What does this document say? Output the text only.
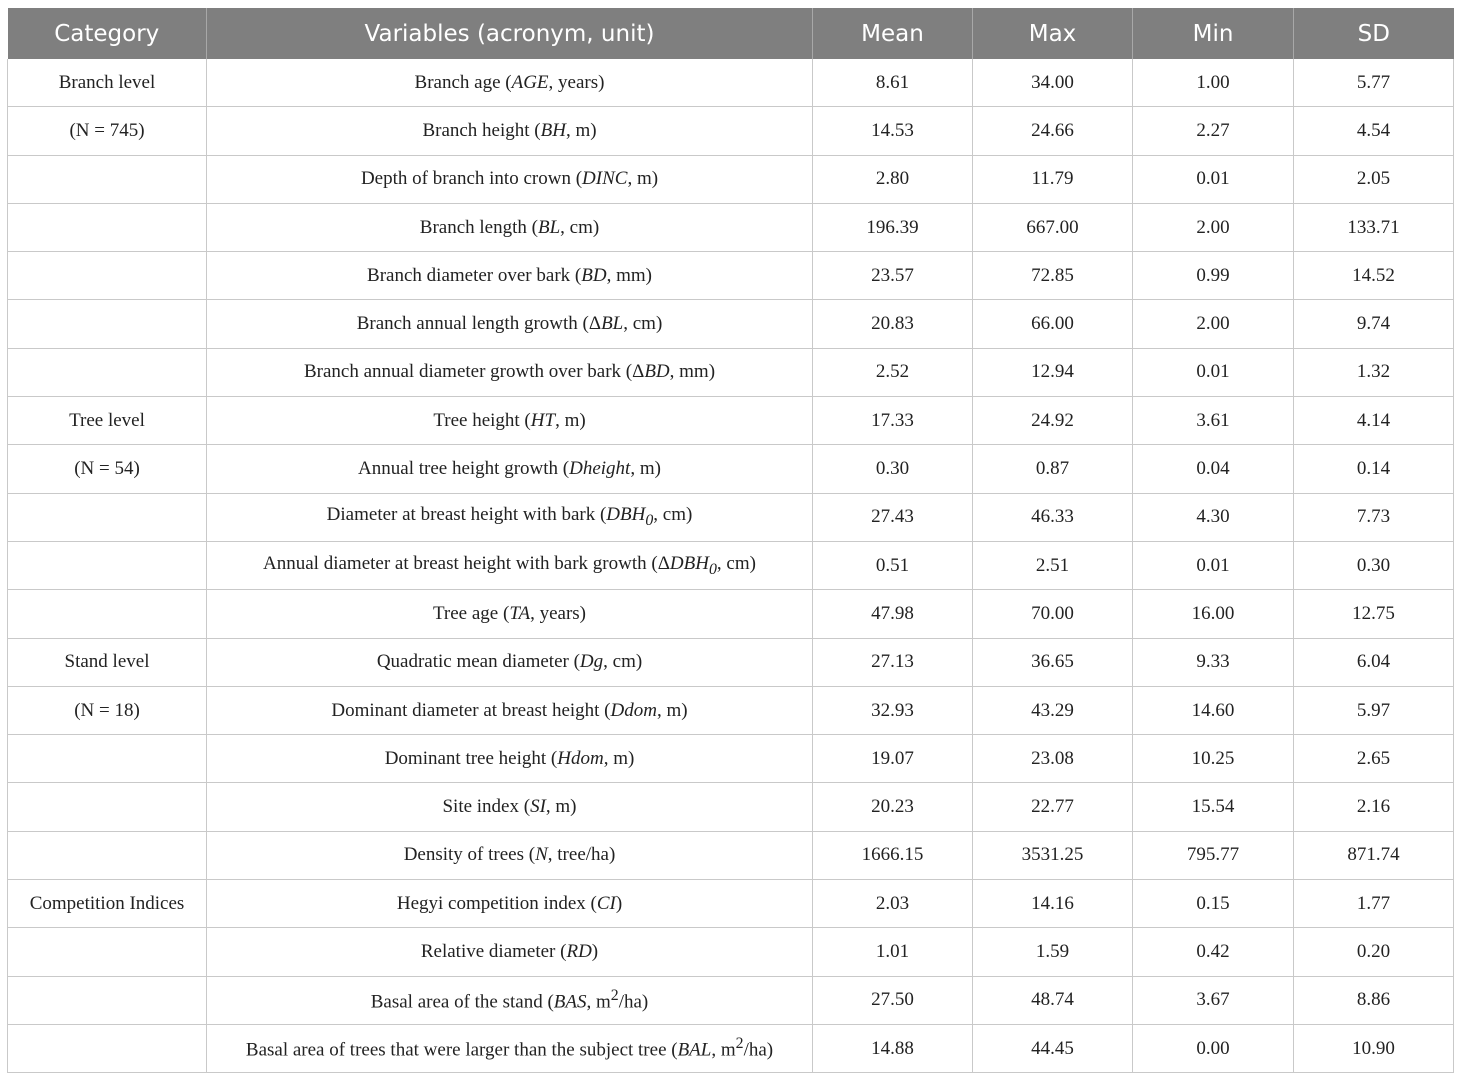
Category	Variables (acronym, unit)	Mean	Max	Min	SD
Branch level	Branch age (AGE, years)	8.61	34.00	1.00	5.77
(N = 745)	Branch height (BH, m)	14.53	24.66	2.27	4.54
	Depth of branch into crown (DINC, m)	2.80	11.79	0.01	2.05
	Branch length (BL, cm)	196.39	667.00	2.00	133.71
	Branch diameter over bark (BD, mm)	23.57	72.85	0.99	14.52
	Branch annual length growth (ΔBL, cm)	20.83	66.00	2.00	9.74
	Branch annual diameter growth over bark (ΔBD, mm)	2.52	12.94	0.01	1.32
Tree level	Tree height (HT, m)	17.33	24.92	3.61	4.14
(N = 54)	Annual tree height growth (Dheight, m)	0.30	0.87	0.04	0.14
	Diameter at breast height with bark ($DBH_0$, cm)	27.43	46.33	4.30	7.73
	Annual diameter at breast height with bark growth ($\Delta DBH_0$, cm)	0.51	2.51	0.01	0.30
	Tree age (TA, years)	47.98	70.00	16.00	12.75
Stand level	Quadratic mean diameter (Dg, cm)	27.13	36.65	9.33	6.04
(N = 18)	Dominant diameter at breast height (Ddom, m)	32.93	43.29	14.60	5.97
	Dominant tree height (Hdom, m)	19.07	23.08	10.25	2.65
	Site index (SI, m)	20.23	22.77	15.54	2.16
	Density of trees (N, tree/ha)	1666.15	3531.25	795.77	871.74
Competition Indices	Hegyi competition index (CI)	2.03	14.16	0.15	1.77
	Relative diameter (RD)	1.01	1.59	0.42	0.20
	Basal area of the stand (BAS, $m^2/ha$)	27.50	48.74	3.67	8.86
	Basal area of trees that were larger than the subject tree (BAL, $m^2/ha$)	14.88	44.45	0.00	10.90
